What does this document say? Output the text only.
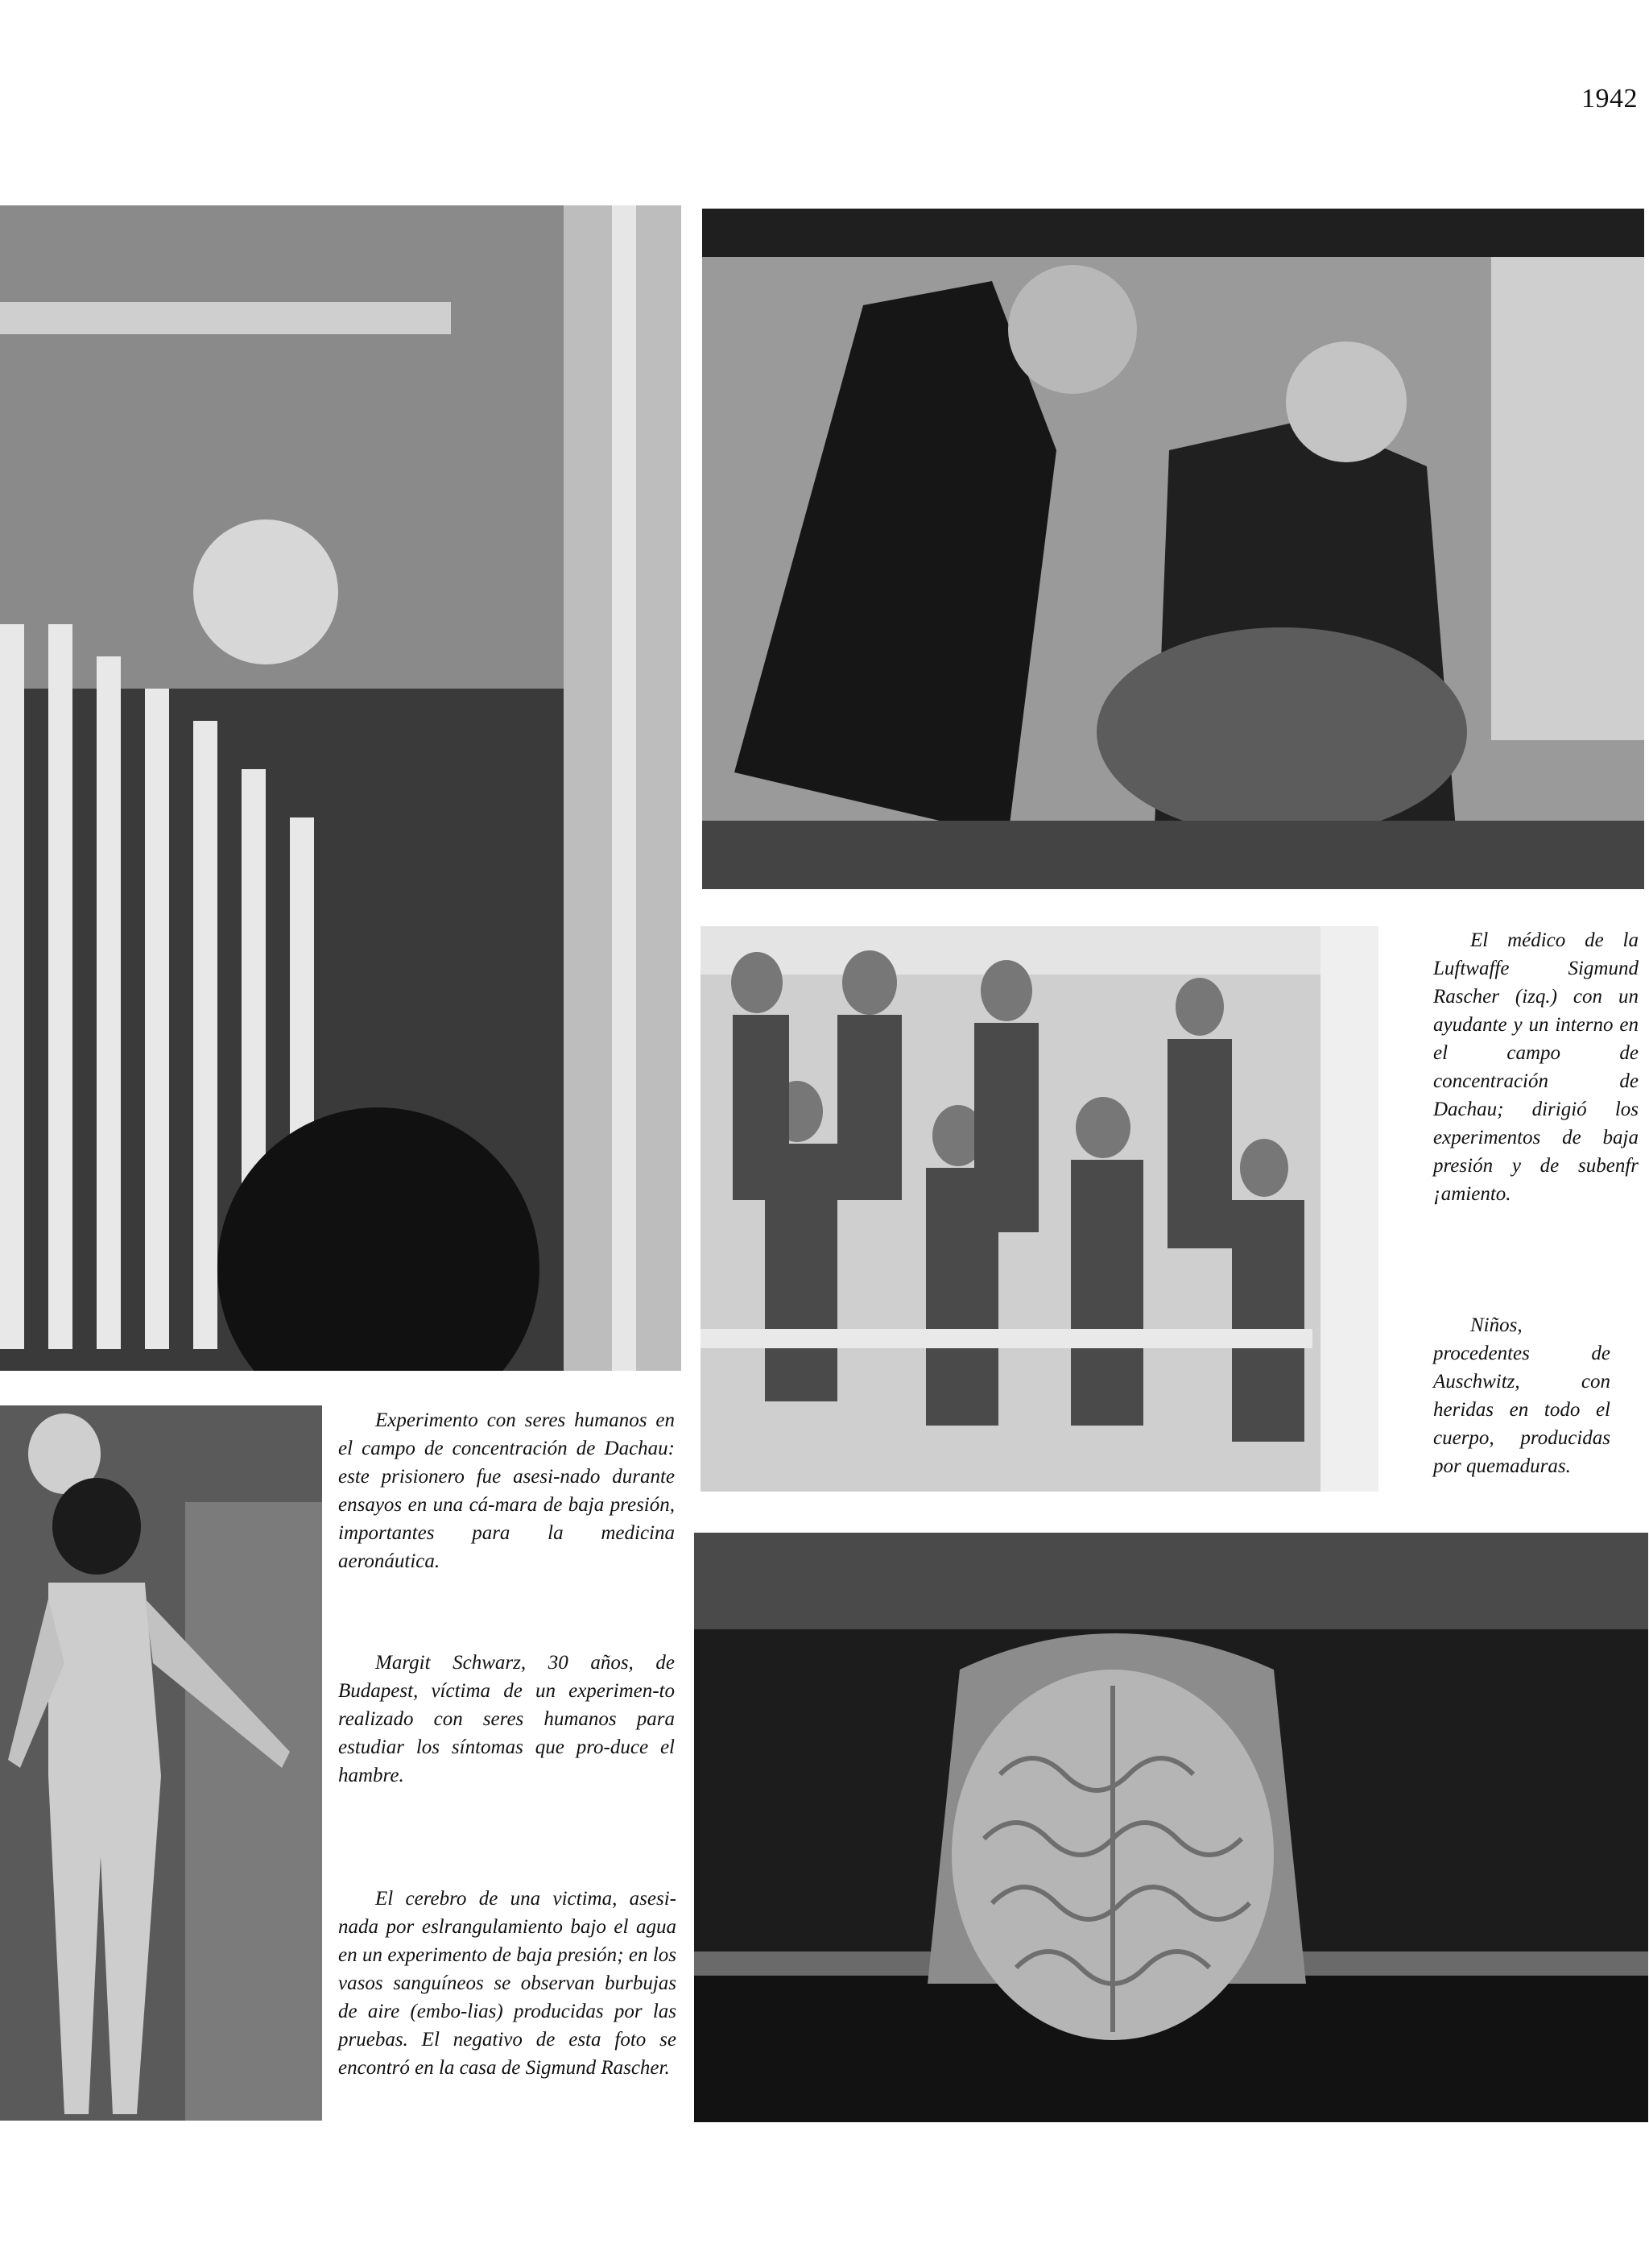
1942

El médico de la Luftwaffe Sigmund Rascher (izq.) con un ayudante y un interno en el campo de concentración de Dachau; dirigió los experimentos de baja presión y de subenfr ¡amiento.

Niños, procedentes de Auschwitz, con heridas en todo el cuerpo, producidas por quemaduras.

Experimento con seres humanos en el campo de concentración de Dachau: este prisionero fue asesi-nado durante ensayos en una cá-mara de baja presión, importantes para la medicina aeronáutica.

Margit Schwarz, 30 años, de Budapest, víctima de un experimen-to realizado con seres humanos para estudiar los síntomas que pro-duce el hambre.

El cerebro de una victima, asesi-nada por eslrangulamiento bajo el agua en un experimento de baja presión; en los vasos sanguíneos se observan burbujas de aire (embo-lias) producidas por las pruebas. El negativo de esta foto se encontró en la casa de Sigmund Rascher.
